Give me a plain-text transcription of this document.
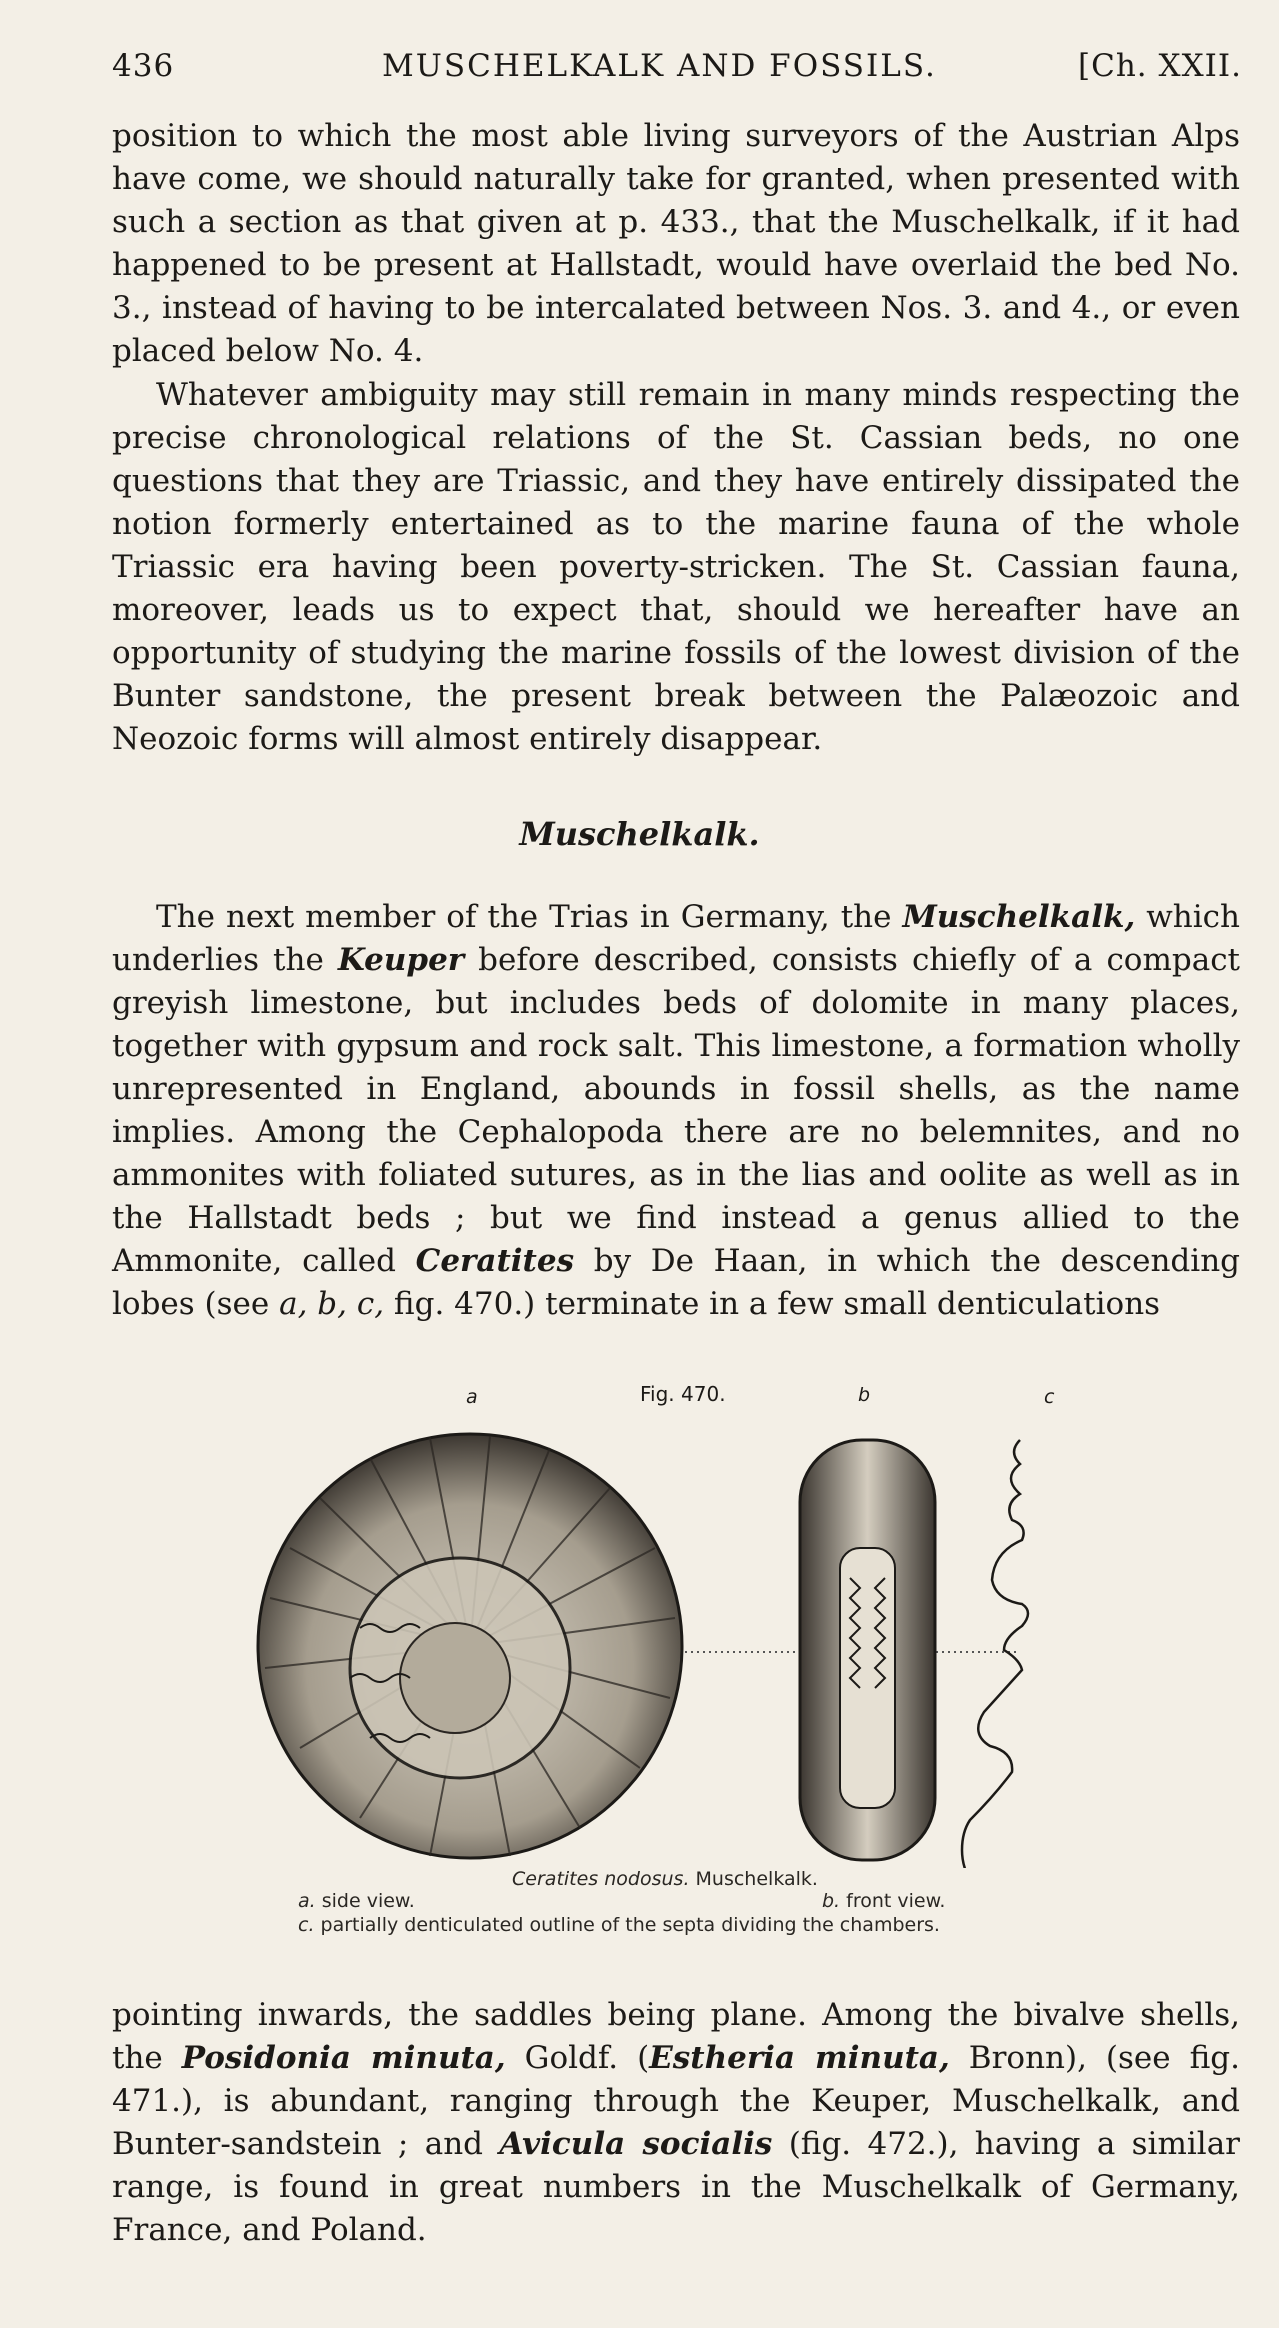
436	MUSCHELKALK AND FOSSILS.	[Ch. XXII.
position to which the most able living surveyors of the Austrian Alps have come, we should naturally take for granted, when presented with such a section as that given at p. 433., that the Muschelkalk, if it had happened to be present at Hallstadt, would have overlaid the bed No. 3., instead of having to be intercalated between Nos. 3. and 4., or even placed below No. 4.
Whatever ambiguity may still remain in many minds respecting the precise chronological relations of the St. Cassian beds, no one questions that they are Triassic, and they have entirely dissipated the notion formerly entertained as to the marine fauna of the whole Triassic era having been poverty-stricken. The St. Cassian fauna, moreover, leads us to expect that, should we hereafter have an opportunity of studying the marine fossils of the lowest division of the Bunter sandstone, the present break between the Palæozoic and Neozoic forms will almost entirely disappear.
Muschelkalk.
The next member of the Trias in Germany, the Muschelkalk, which underlies the Keuper before described, consists chiefly of a compact greyish limestone, but includes beds of dolomite in many places, together with gypsum and rock salt. This limestone, a formation wholly unrepresented in England, abounds in fossil shells, as the name implies. Among the Cephalopoda there are no belemnites, and no ammonites with foliated sutures, as in the lias and oolite as well as in the Hallstadt beds ; but we find instead a genus allied to the Ammonite, called Ceratites by De Haan, in which the descending lobes (see a, b, c, fig. 470.) terminate in a few small denticulations
a	Fig. 470.	b	c
Ceratites nodosus. Muschelkalk.
a. side view.	b. front view.
c. partially denticulated outline of the septa dividing the chambers.
pointing inwards, the saddles being plane. Among the bivalve shells, the Posidonia minuta, Goldf. (Estheria minuta, Bronn), (see fig. 471.), is abundant, ranging through the Keuper, Muschelkalk, and Bunter-sandstein ; and Avicula socialis (fig. 472.), having a similar range, is found in great numbers in the Muschelkalk of Germany, France, and Poland.
